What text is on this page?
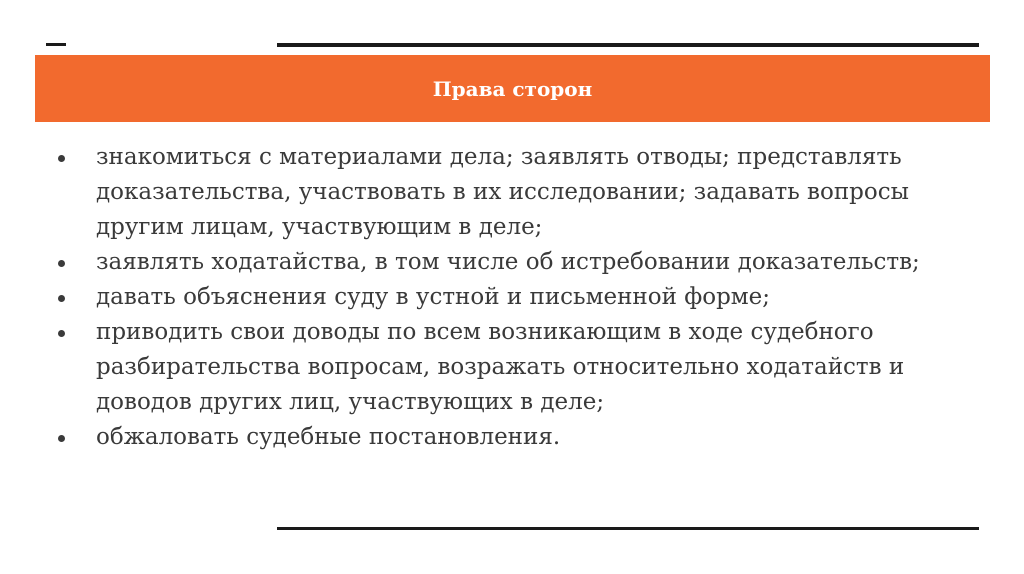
Права сторон
знакомиться с материалами дела; заявлять отводы; представлять доказательства, участвовать в их исследовании; задавать вопросы другим лицам, участвующим в деле;
заявлять ходатайства, в том числе об истребовании доказательств;
давать объяснения суду в устной и письменной форме;
приводить свои доводы по всем возникающим в ходе судебного разбирательства вопросам, возражать относительно ходатайств и доводов других лиц, участвующих в деле;
обжаловать судебные постановления.
